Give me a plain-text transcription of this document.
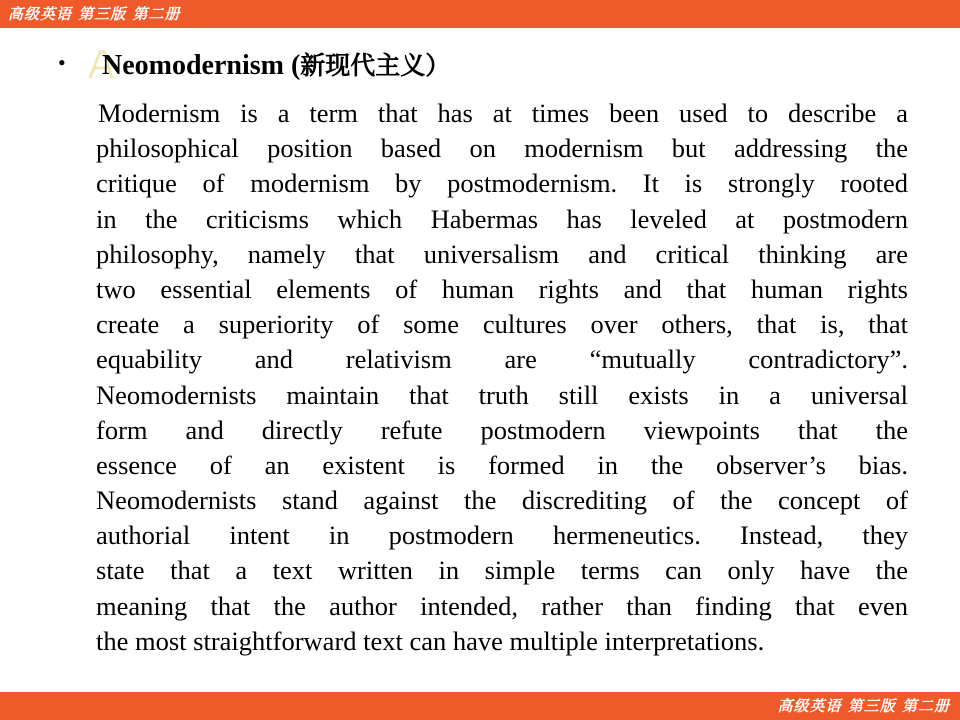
高级英语 第三版 第二册
• Neomodernism (新现代主义）
Modernism is a term that has at times been used to describe a
philosophical position based on modernism but addressing the
critique of modernism by postmodernism. It is strongly rooted
in the criticisms which Habermas has leveled at postmodern
philosophy, namely that universalism and critical thinking are
two essential elements of human rights and that human rights
create a superiority of some cultures over others, that is, that
equability and relativism are “mutually contradictory”.
Neomodernists maintain that truth still exists in a universal
form and directly refute postmodern viewpoints that the
essence of an existent is formed in the observer’s bias.
Neomodernists stand against the discrediting of the concept of
authorial intent in postmodern hermeneutics. Instead, they
state that a text written in simple terms can only have the
meaning that the author intended, rather than finding that even
the most straightforward text can have multiple interpretations.
高级英语 第三版 第二册
